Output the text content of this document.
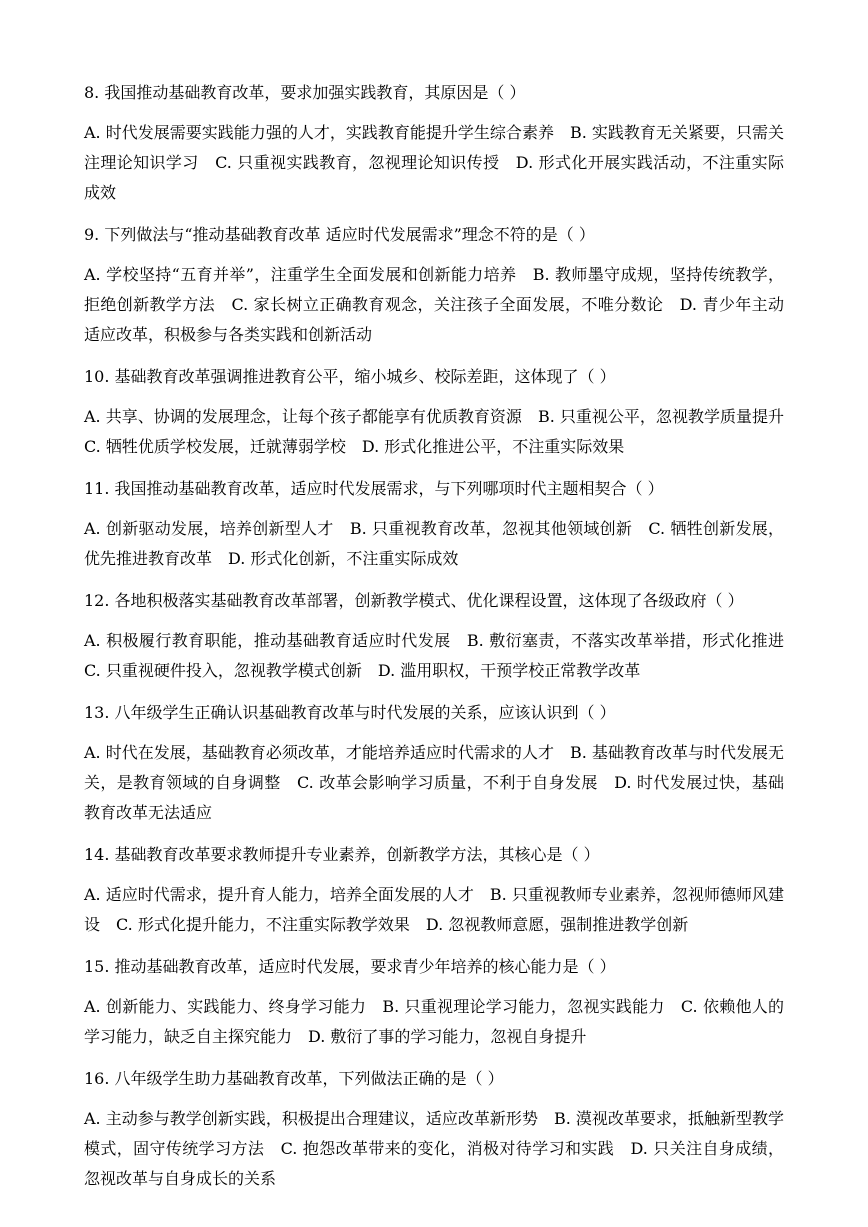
8. 我国推动基础教育改革，要求加强实践教育，其原因是（ ）

A. 时代发展需要实践能力强的人才，实践教育能提升学生综合素养　B. 实践教育无关紧要，只需关注理论知识学习　C. 只重视实践教育，忽视理论知识传授　D. 形式化开展实践活动，不注重实际成效

9. 下列做法与“推动基础教育改革 适应时代发展需求”理念不符的是（ ）

A. 学校坚持“五育并举”，注重学生全面发展和创新能力培养　B. 教师墨守成规，坚持传统教学，拒绝创新教学方法　C. 家长树立正确教育观念，关注孩子全面发展，不唯分数论　D. 青少年主动适应改革，积极参与各类实践和创新活动

10. 基础教育改革强调推进教育公平，缩小城乡、校际差距，这体现了（ ）

A. 共享、协调的发展理念，让每个孩子都能享有优质教育资源　B. 只重视公平，忽视教学质量提升　C. 牺牲优质学校发展，迁就薄弱学校　D. 形式化推进公平，不注重实际效果

11. 我国推动基础教育改革，适应时代发展需求，与下列哪项时代主题相契合（ ）

A. 创新驱动发展，培养创新型人才　B. 只重视教育改革，忽视其他领域创新　C. 牺牲创新发展，优先推进教育改革　D. 形式化创新，不注重实际成效

12. 各地积极落实基础教育改革部署，创新教学模式、优化课程设置，这体现了各级政府（ ）

A. 积极履行教育职能，推动基础教育适应时代发展　B. 敷衍塞责，不落实改革举措，形式化推进　C. 只重视硬件投入，忽视教学模式创新　D. 滥用职权，干预学校正常教学改革

13. 八年级学生正确认识基础教育改革与时代发展的关系，应该认识到（ ）

A. 时代在发展，基础教育必须改革，才能培养适应时代需求的人才　B. 基础教育改革与时代发展无关，是教育领域的自身调整　C. 改革会影响学习质量，不利于自身发展　D. 时代发展过快，基础教育改革无法适应

14. 基础教育改革要求教师提升专业素养，创新教学方法，其核心是（ ）

A. 适应时代需求，提升育人能力，培养全面发展的人才　B. 只重视教师专业素养，忽视师德师风建设　C. 形式化提升能力，不注重实际教学效果　D. 忽视教师意愿，强制推进教学创新

15. 推动基础教育改革，适应时代发展，要求青少年培养的核心能力是（ ）

A. 创新能力、实践能力、终身学习能力　B. 只重视理论学习能力，忽视实践能力　C. 依赖他人的学习能力，缺乏自主探究能力　D. 敷衍了事的学习能力，忽视自身提升

16. 八年级学生助力基础教育改革，下列做法正确的是（ ）

A. 主动参与教学创新实践，积极提出合理建议，适应改革新形势　B. 漠视改革要求，抵触新型教学模式，固守传统学习方法　C. 抱怨改革带来的变化，消极对待学习和实践　D. 只关注自身成绩，忽视改革与自身成长的关系
